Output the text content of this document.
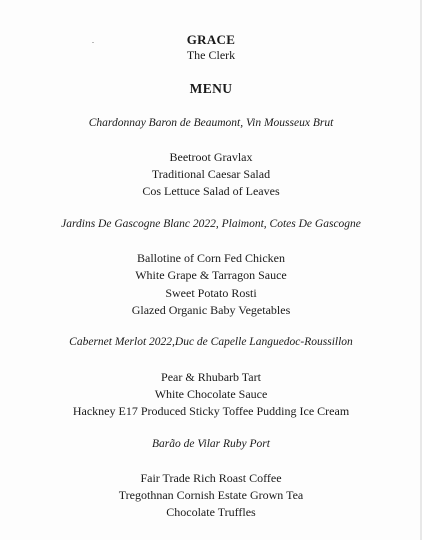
GRACE
The Clerk
MENU
Chardonnay Baron de Beaumont, Vin Mousseux Brut
Beetroot Gravlax
Traditional Caesar Salad
Cos Lettuce Salad of Leaves
Jardins De Gascogne Blanc 2022, Plaimont, Cotes De Gascogne
Ballotine of Corn Fed Chicken
White Grape & Tarragon Sauce
Sweet Potato Rosti
Glazed Organic Baby Vegetables
Cabernet Merlot 2022,Duc de Capelle Languedoc-Roussillon
Pear & Rhubarb Tart
White Chocolate Sauce
Hackney E17 Produced Sticky Toffee Pudding Ice Cream
Barão de Vilar Ruby Port
Fair Trade Rich Roast Coffee
Tregothnan Cornish Estate Grown Tea
Chocolate Truffles
